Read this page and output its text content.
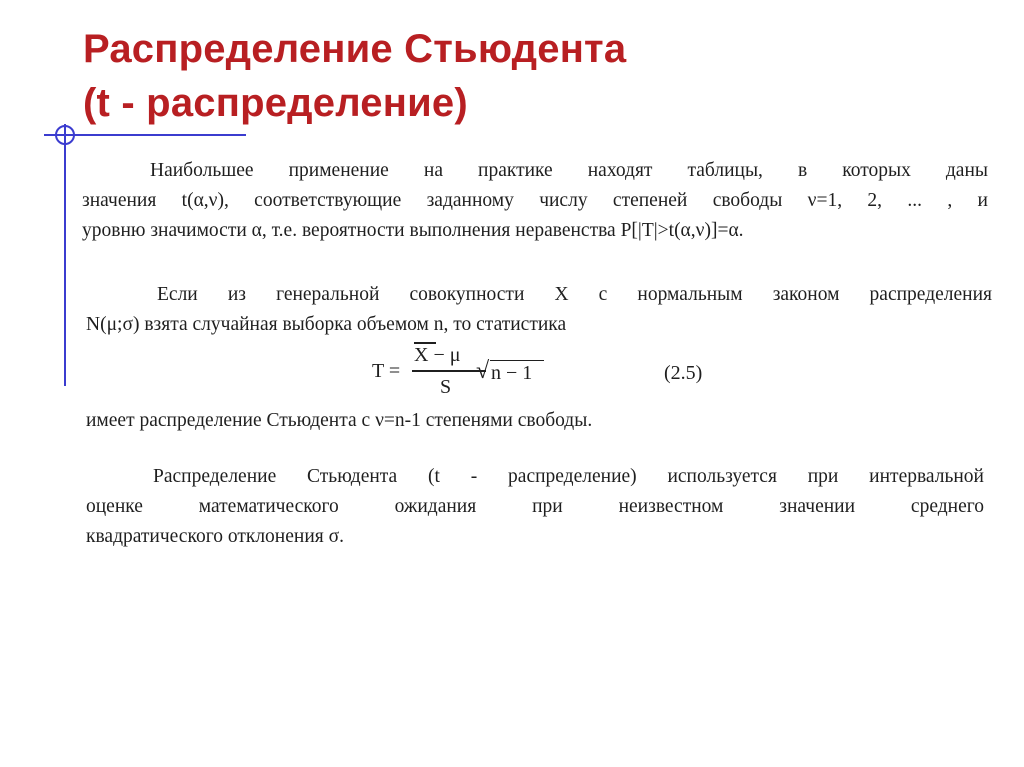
Распределение Стьюдента
(t - распределение)

Наибольшее применение на практике находят таблицы, в которых даны
значения t(α,ν), соответствующие заданному числу степеней свободы ν=1, 2, ... , и
уровню значимости α, т.е. вероятности выполнения неравенства P[|T|>t(α,ν)]=α.

Если из генеральной совокупности X с нормальным законом распределения
N(μ;σ) взята случайная выборка объемом n, то статистика

T =
X − μ
S
√ n − 1	(2.5)

имеет распределение Стьюдента с ν=n-1 степенями свободы.

Распределение Стьюдента (t - распределение) используется при интервальной
оценке математического ожидания при неизвестном значении среднего
квадратического отклонения σ.
